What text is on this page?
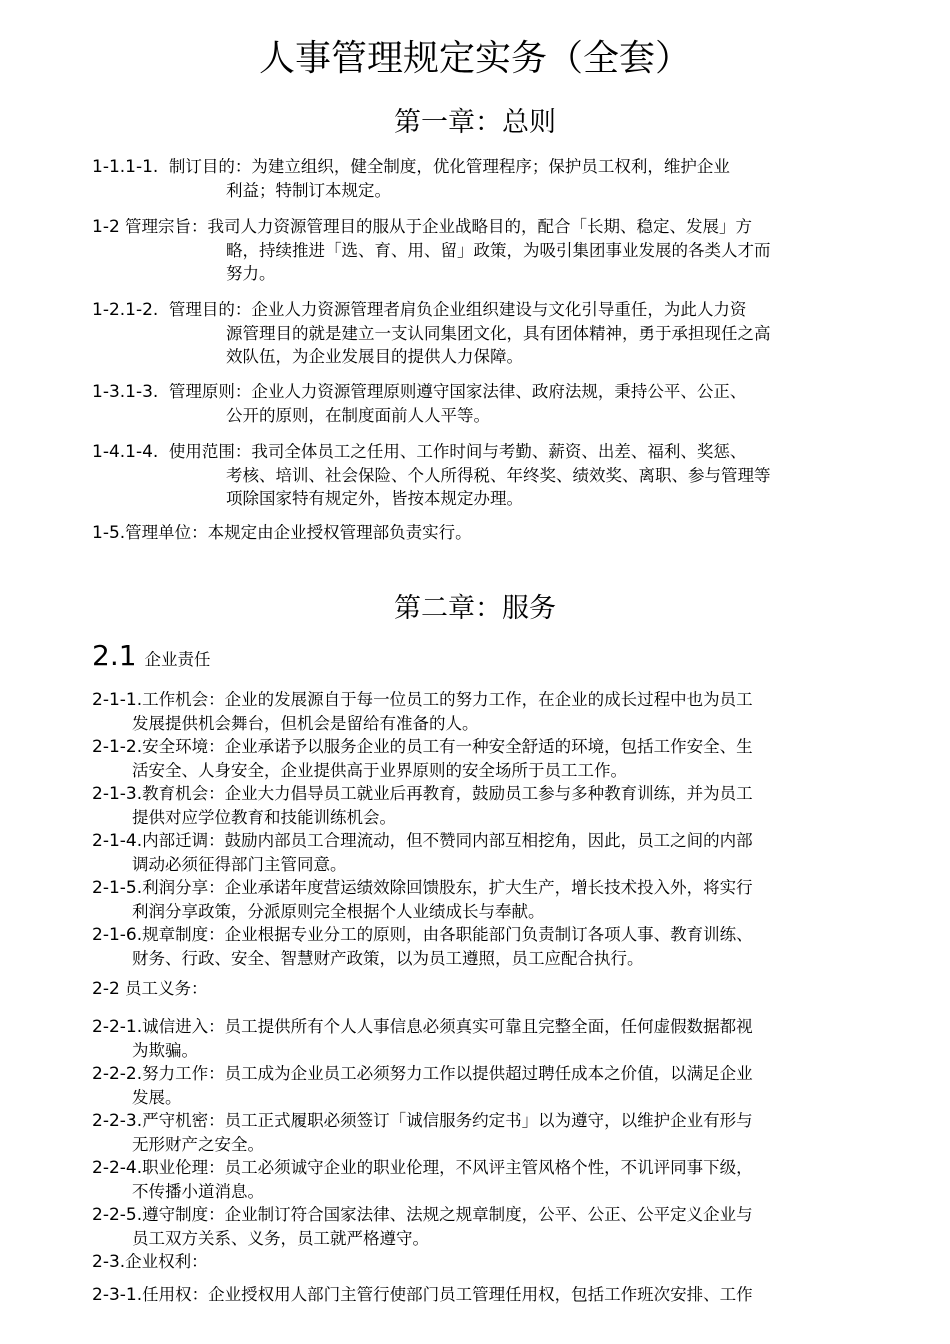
人事管理规定实务（全套）
第一章：总则
1-1.1-1. 制订目的：为建立组织，健全制度，优化管理程序；保护员工权利，维护企业
利益；特制订本规定。
1-2 管理宗旨：我司人力资源管理目的服从于企业战略目的，配合「长期、稳定、发展」方
略，持续推进「选、育、用、留」政策，为吸引集团事业发展的各类人才而
努力。
1-2.1-2. 管理目的：企业人力资源管理者肩负企业组织建设与文化引导重任，为此人力资
源管理目的就是建立一支认同集团文化，具有团体精神，勇于承担现任之高
效队伍，为企业发展目的提供人力保障。
1-3.1-3. 管理原则：企业人力资源管理原则遵守国家法律、政府法规，秉持公平、公正、
公开的原则，在制度面前人人平等。
1-4.1-4. 使用范围：我司全体员工之任用、工作时间与考勤、薪资、出差、福利、奖惩、
考核、培训、社会保险、个人所得税、年终奖、绩效奖、离职、参与管理等
项除国家特有规定外，皆按本规定办理。
1-5.管理单位：本规定由企业授权管理部负责实行。
第二章：服务
2.1 企业责任
2-1-1.工作机会：企业的发展源自于每一位员工的努力工作，在企业的成长过程中也为员工
发展提供机会舞台，但机会是留给有准备的人。
2-1-2.安全环境：企业承诺予以服务企业的员工有一种安全舒适的环境，包括工作安全、生
活安全、人身安全，企业提供高于业界原则的安全场所于员工工作。
2-1-3.教育机会：企业大力倡导员工就业后再教育，鼓励员工参与多种教育训练，并为员工
提供对应学位教育和技能训练机会。
2-1-4.内部迁调：鼓励内部员工合理流动，但不赞同内部互相挖角，因此，员工之间的内部
调动必须征得部门主管同意。
2-1-5.利润分享：企业承诺年度营运绩效除回馈股东，扩大生产，增长技术投入外，将实行
利润分享政策，分派原则完全根据个人业绩成长与奉献。
2-1-6.规章制度：企业根据专业分工的原则，由各职能部门负责制订各项人事、教育训练、
财务、行政、安全、智慧财产政策，以为员工遵照，员工应配合执行。
2-2 员工义务：
2-2-1.诚信进入：员工提供所有个人人事信息必须真实可靠且完整全面，任何虚假数据都视
为欺骗。
2-2-2.努力工作：员工成为企业员工必须努力工作以提供超过聘任成本之价值，以满足企业
发展。
2-2-3.严守机密：员工正式履职必须签订「诚信服务约定书」以为遵守，以维护企业有形与
无形财产之安全。
2-2-4.职业伦理：员工必须诚守企业的职业伦理，不风评主管风格个性，不讥评同事下级，
不传播小道消息。
2-2-5.遵守制度：企业制订符合国家法律、法规之规章制度，公平、公正、公平定义企业与
员工双方关系、义务，员工就严格遵守。
2-3.企业权利：
2-3-1.任用权：企业授权用人部门主管行使部门员工管理任用权，包括工作班次安排、工作
